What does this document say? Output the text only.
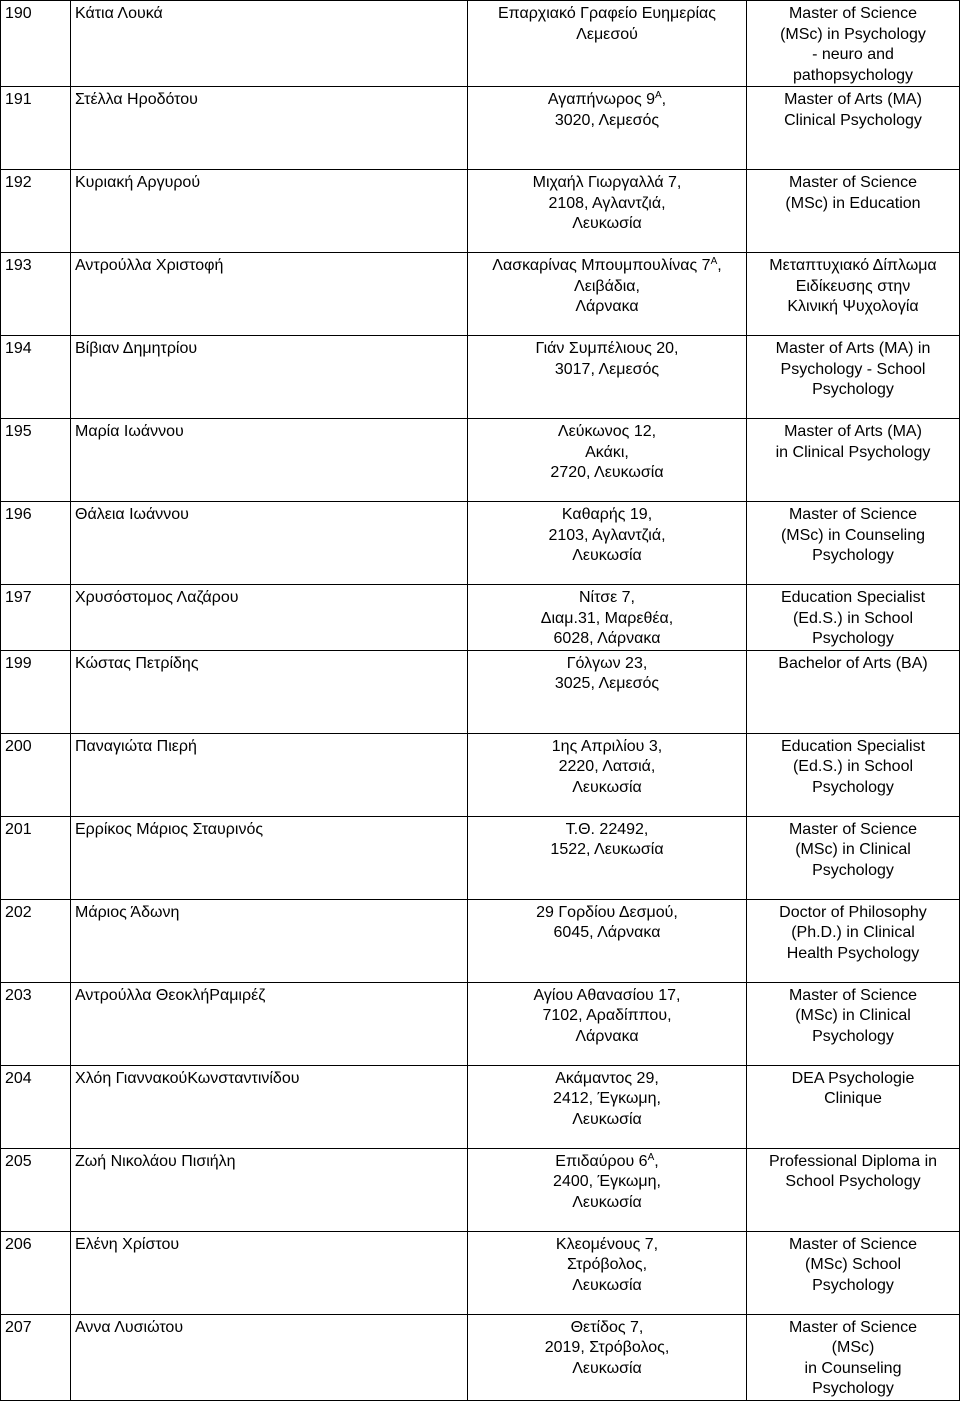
190	Κάτια Λουκά	Επαρχιακό Γραφείο Ευημερίας
Λεμεσού	Master of Science
(MSc) in Psychology
- neuro and
pathopsychology

191	Στέλλα Ηροδότου	Αγαπήνωρος $9^A$,
3020, Λεμεσός	Master of Arts (MA)
Clinical Psychology

192	Κυριακή Αργυρού	Μιχαήλ Γιωργαλλά 7,
2108, Αγλαντζιά,
Λευκωσία	Master of Science
(MSc) in Education

193	Αντρούλλα Χριστοφή	Λασκαρίνας Μπουμπουλίνας $7^A$,
Λειβάδια,
Λάρνακα	Μεταπτυχιακό Δίπλωμα
Ειδίκευσης στην
Κλινική Ψυχολογία

194	Βίβιαν Δημητρίου	Γιάν Συμπέλιους 20,
3017, Λεμεσός	Master of Arts (MA) in
Psychology - School
Psychology

195	Μαρία Ιωάννου	Λεύκωνος 12,
Ακάκι,
2720, Λευκωσία	Master of Arts (MA)
in Clinical Psychology

196	Θάλεια Ιωάννου	Καθαρής 19,
2103, Αγλαντζιά,
Λευκωσία	Master of Science
(MSc) in Counseling
Psychology

197	Χρυσόστομος Λαζάρου	Νίτσε 7,
Διαμ.31, Μαρεθέα,
6028, Λάρνακα	Education Specialist
(Ed.S.) in School
Psychology

199	Κώστας Πετρίδης	Γόλγων 23,
3025, Λεμεσός	Bachelor of Arts (BA)

200	Παναγιώτα Πιερή	1ης Απριλίου 3,
2220, Λατσιά,
Λευκωσία	Education Specialist
(Ed.S.) in School
Psychology

201	Ερρίκος Μάριος Σταυρινός	Τ.Θ. 22492,
1522, Λευκωσία	Master of Science
(MSc) in Clinical
Psychology

202	Μάριος Άδωνη	29 Γορδίου Δεσμού,
6045, Λάρνακα	Doctor of Philosophy
(Ph.D.) in Clinical
Health Psychology

203	Αντρούλλα ΘεοκλήΡαμιρέζ	Αγίου Αθανασίου 17,
7102, Αραδίππου,
Λάρνακα	Master of Science
(MSc) in Clinical
Psychology

204	Χλόη ΓιαννακούΚωνσταντινίδου	Ακάμαντος 29,
2412, Έγκωμη,
Λευκωσία	DEA Psychologie
Clinique

205	Ζωή Νικολάου Πισιήλη	Επιδαύρου $6^A$,
2400, Έγκωμη,
Λευκωσία	Professional Diploma in
School Psychology

206	Ελένη Χρίστου	Κλεομένους 7,
Στρόβολος,
Λευκωσία	Master of Science
(MSc) School
Psychology

207	Αννα Λυσιώτου	Θετίδος 7,
2019, Στρόβολος,
Λευκωσία	Master of Science
(MSc)
in Counseling
Psychology
